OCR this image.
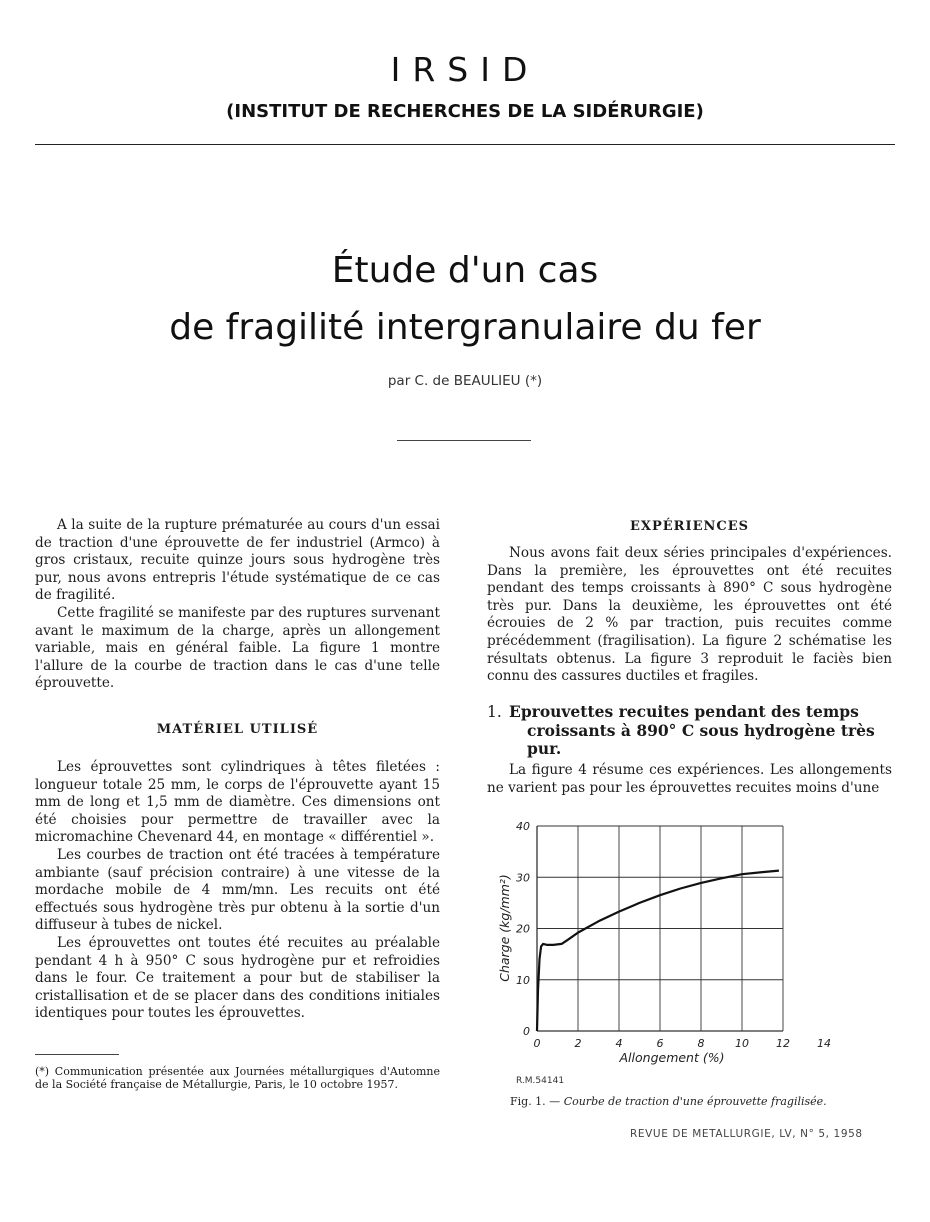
IRSID
(INSTITUT DE RECHERCHES DE LA SIDÉRURGIE)
Étude d'un cas
de fragilité intergranulaire du fer
par C. de BEAULIEU (*)

A la suite de la rupture prématurée au cours d'un essai de traction d'une éprouvette de fer industriel (Armco) à gros cristaux, recuite quinze jours sous hydrogène très pur, nous avons entrepris l'étude systématique de ce cas de fragilité.

Cette fragilité se manifeste par des ruptures survenant avant le maximum de la charge, après un allongement variable, mais en général faible. La figure 1 montre l'allure de la courbe de traction dans le cas d'une telle éprouvette.

MATÉRIEL UTILISÉ

Les éprouvettes sont cylindriques à têtes filetées : longueur totale 25 mm, le corps de l'éprouvette ayant 15 mm de long et 1,5 mm de diamètre. Ces dimensions ont été choisies pour permettre de travailler avec la micromachine Chevenard 44, en montage « différentiel ».

Les courbes de traction ont été tracées à température ambiante (sauf précision contraire) à une vitesse de la mordache mobile de 4 mm/mn. Les recuits ont été effectués sous hydrogène très pur obtenu à la sortie d'un diffuseur à tubes de nickel.

Les éprouvettes ont toutes été recuites au préalable pendant 4 h à 950° C sous hydrogène pur et refroidies dans le four. Ce traitement a pour but de stabiliser la cristallisation et de se placer dans des conditions initiales identiques pour toutes les éprouvettes.

(*) Communication présentée aux Journées métallurgiques d'Automne de la Société française de Métallurgie, Paris, le 10 octobre 1957.
EXPÉRIENCES

Nous avons fait deux séries principales d'expériences. Dans la première, les éprouvettes ont été recuites pendant des temps croissants à 890° C sous hydrogène très pur. Dans la deuxième, les éprouvettes ont été écrouies de 2 % par traction, puis recuites comme précédemment (fragilisation). La figure 2 schématise les résultats obtenus. La figure 3 reproduit le faciès bien connu des cassures ductiles et fragiles.

1. Eprouvettes recuites pendant des temps
croissants à 890° C sous hydrogène très pur.

La figure 4 résume ces expériences. Les allongements ne varient pas pour les éprouvettes recuites moins d'une

0	2	4	6	8	10 12 14
0
10
20
30
40
Allongement (%)
Charge (kg/mm²)
R.M.54141
Fig. 1. — Courbe de traction d'une éprouvette fragilisée.
REVUE DE METALLURGIE, LV, N° 5, 1958
